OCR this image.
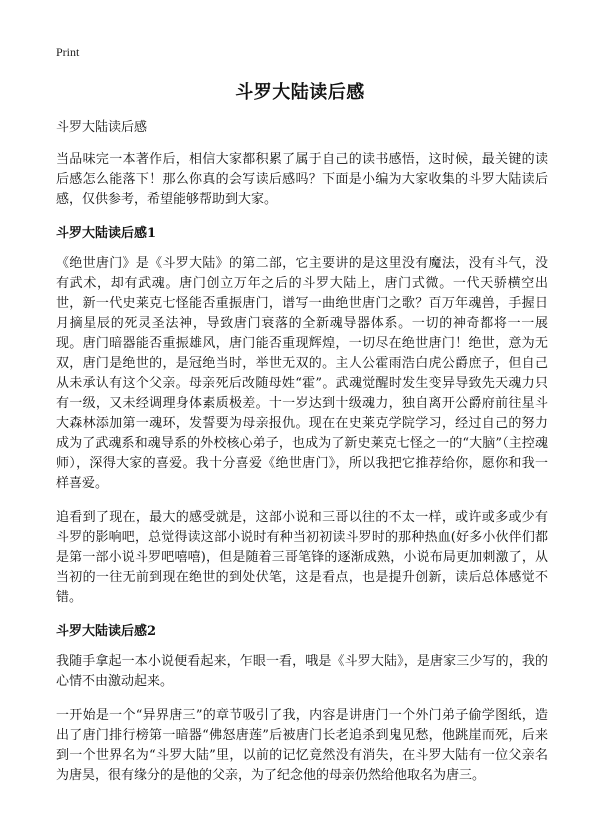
Print
斗罗大陆读后感
斗罗大陆读后感

当品味完一本著作后，相信大家都积累了属于自己的读书感悟，这时候，最关键的读后感怎么能落下！那么你真的会写读后感吗？下面是小编为大家收集的斗罗大陆读后感，仅供参考，希望能够帮助到大家。

斗罗大陆读后感1

《绝世唐门》是《斗罗大陆》的第二部，它主要讲的是这里没有魔法，没有斗气，没有武术，却有武魂。唐门创立万年之后的斗罗大陆上，唐门式微。一代天骄横空出世，新一代史莱克七怪能否重振唐门，谱写一曲绝世唐门之歌？百万年魂兽，手握日月摘星辰的死灵圣法神，导致唐门衰落的全新魂导器体系。一切的神奇都将一一展现。唐门暗器能否重振雄风，唐门能否重现辉煌，一切尽在绝世唐门！绝世，意为无双，唐门是绝世的，是冠绝当时，举世无双的。主人公霍雨浩白虎公爵庶子，但自己从未承认有这个父亲。母亲死后改随母姓“霍”。武魂觉醒时发生变异导致先天魂力只有一级，又未经调理身体素质极差。十一岁达到十级魂力，独自离开公爵府前往星斗大森林添加第一魂环，发誓要为母亲报仇。现在在史莱克学院学习，经过自己的努力成为了武魂系和魂导系的外校核心弟子，也成为了新史莱克七怪之一的“大脑”（主控魂师），深得大家的喜爱。我十分喜爱《绝世唐门》，所以我把它推荐给你，愿你和我一样喜爱。

追看到了现在，最大的感受就是，这部小说和三哥以往的不太一样，或许或多或少有斗罗的影响吧，总觉得读这部小说时有种当初初读斗罗时的那种热血(好多小伙伴们都是第一部小说斗罗吧嘻嘻)，但是随着三哥笔锋的逐渐成熟，小说布局更加刺激了，从当初的一往无前到现在绝世的到处伏笔，这是看点，也是提升创新，读后总体感觉不错。

斗罗大陆读后感2

我随手拿起一本小说便看起来，乍眼一看，哦是《斗罗大陆》，是唐家三少写的，我的心情不由激动起来。

一开始是一个“异界唐三”的章节吸引了我，内容是讲唐门一个外门弟子偷学图纸，造出了唐门排行榜第一暗器“佛怒唐莲”后被唐门长老追杀到鬼见愁，他跳崖而死，后来到一个世界名为“斗罗大陆”里，以前的记忆竟然没有消失，在斗罗大陆有一位父亲名为唐昊，很有缘分的是他的父亲，为了纪念他的母亲仍然给他取名为唐三。
